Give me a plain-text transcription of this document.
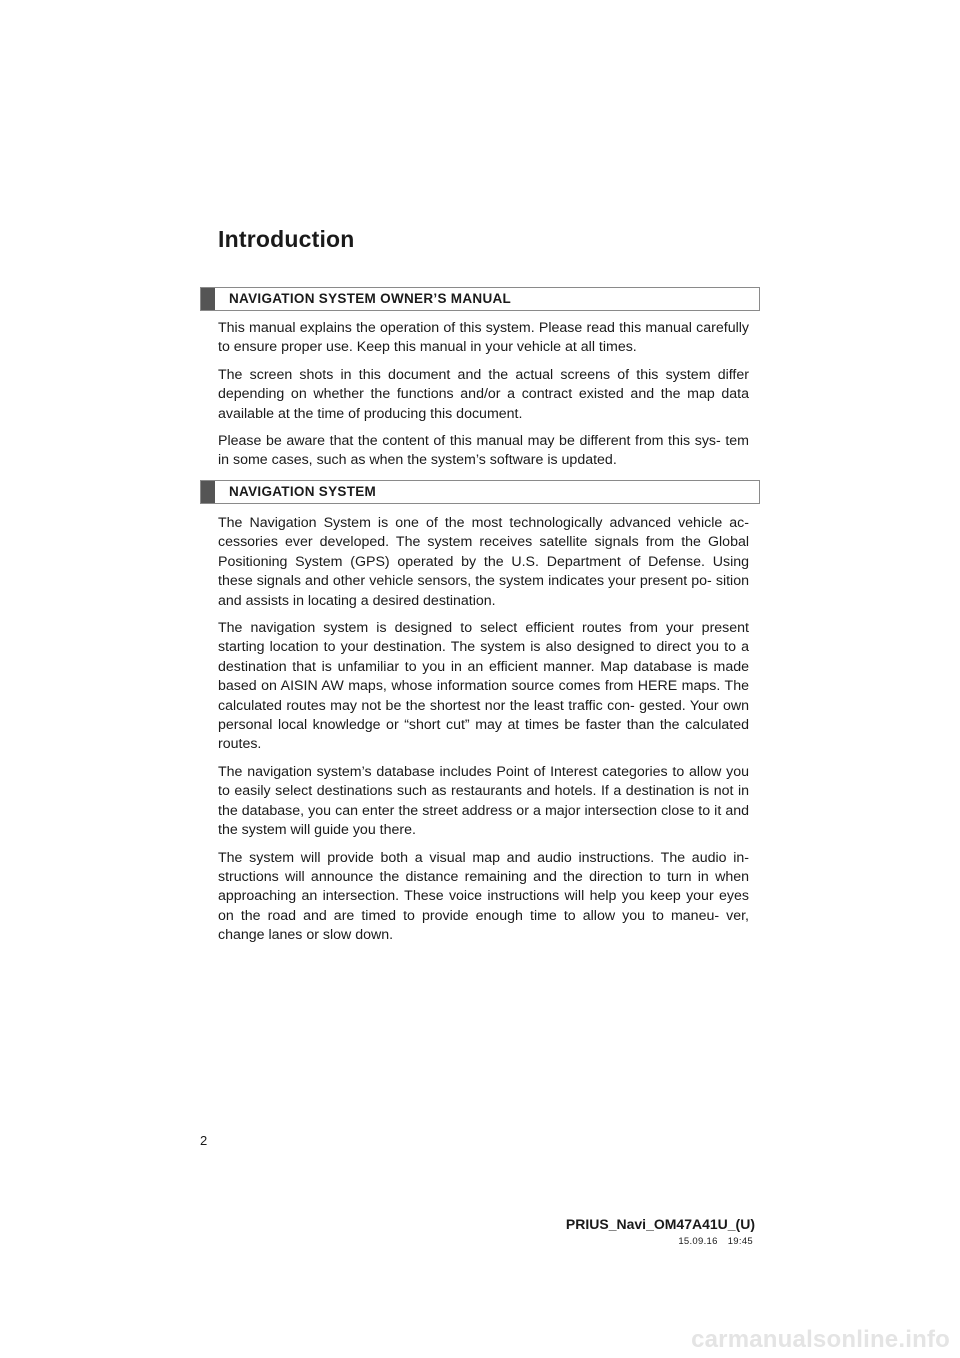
Introduction
NAVIGATION SYSTEM OWNER’S MANUAL

This manual explains the operation of this system. Please read this manual carefully to ensure proper use. Keep this manual in your vehicle at all times.

The screen shots in this document and the actual screens of this system differ depending on whether the functions and/or a contract existed and the map data available at the time of producing this document.

Please be aware that the content of this manual may be different from this sys- tem in some cases, such as when the system’s software is updated.

NAVIGATION SYSTEM

The Navigation System is one of the most technologically advanced vehicle ac- cessories ever developed. The system receives satellite signals from the Global Positioning System (GPS) operated by the U.S. Department of Defense. Using these signals and other vehicle sensors, the system indicates your present po- sition and assists in locating a desired destination.

The navigation system is designed to select efficient routes from your present starting location to your destination. The system is also designed to direct you to a destination that is unfamiliar to you in an efficient manner. Map database is made based on AISIN AW maps, whose information source comes from HERE maps. The calculated routes may not be the shortest nor the least traffic con- gested. Your own personal local knowledge or “short cut” may at times be faster than the calculated routes.

The navigation system’s database includes Point of Interest categories to allow you to easily select destinations such as restaurants and hotels. If a destination is not in the database, you can enter the street address or a major intersection close to it and the system will guide you there.

The system will provide both a visual map and audio instructions. The audio in- structions will announce the distance remaining and the direction to turn in when approaching an intersection. These voice instructions will help you keep your eyes on the road and are timed to provide enough time to allow you to maneu- ver, change lanes or slow down.

2
PRIUS_Navi_OM47A41U_(U)
15.09.16 19:45
carmanualsonline.info
